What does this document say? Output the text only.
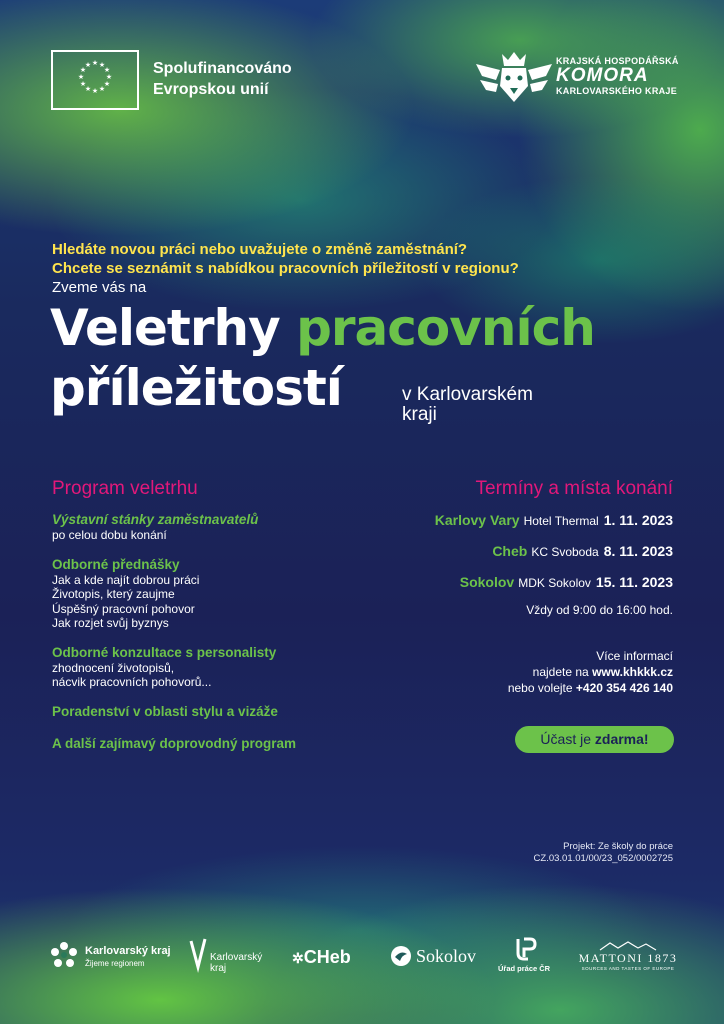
★ ★
★
★
★
★
★
★
★
★
★
★	Spolufinancováno
Evropskou unií
KRAJSKÁ HOSPODÁŘSKÁ
KOMORA
KARLOVARSKÉHO KRAJE
Hledáte novou práci nebo uvažujete o změně zaměstnání?
Chcete se seznámit s nabídkou pracovních příležitostí v regionu?
Zveme vás na
Veletrhy pracovních
příležitostí	v Karlovarském
kraji
Program veletrhu
Výstavní stánky zaměstnavatelů
po celou dobu konání
Odborné přednášky
Jak a kde najít dobrou práci
Životopis, který zaujme
Úspěšný pracovní pohovor
Jak rozjet svůj byznys
Odborné konzultace s personalisty
zhodnocení životopisů,
nácvik pracovních pohovorů...
Poradenství v oblasti stylu a vizáže
A další zajímavý doprovodný program
Termíny a místa konání
Karlovy Vary Hotel Thermal 1. 11. 2023
Cheb KC Svoboda 8. 11. 2023
Sokolov MDK Sokolov 15. 11. 2023
Vždy od 9:00 do 16:00 hod.
Více informací
najdete na www.khkkk.cz
nebo volejte +420 354 426 140
Účast je zdarma!
Projekt: Ze školy do práce
CZ.03.01.01/00/23_052/0002725
Karlovarský kraj
Žijeme regionem
Karlovarský
kraj
✲CHeb	Sokolov
Úřad práce ČR
MATTONI 1873
SOURCES AND TASTES OF EUROPE
